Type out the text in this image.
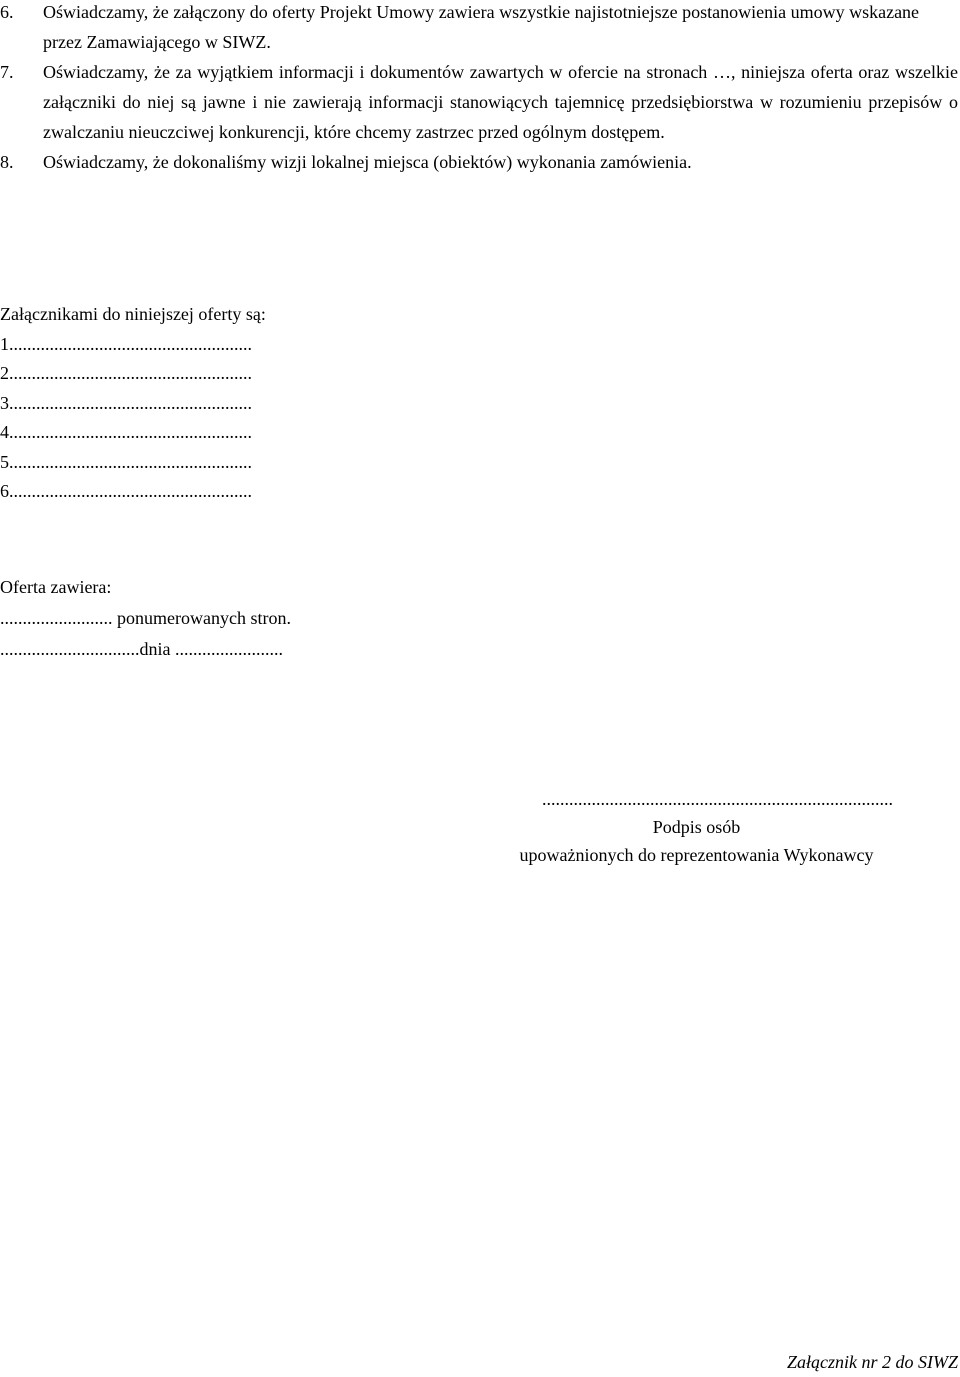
6.	Oświadczamy, że załączony do oferty Projekt Umowy zawiera wszystkie najistotniejsze postanowienia umowy wskazane przez Zamawiającego w SIWZ.
7.	Oświadczamy, że za wyjątkiem informacji i dokumentów zawartych w ofercie na stronach …, niniejsza oferta oraz wszelkie załączniki do niej są jawne i nie zawierają informacji stanowiących tajemnicę przedsiębiorstwa w rozumieniu przepisów o zwalczaniu nieuczciwej konkurencji, które chcemy zastrzec przed ogólnym dostępem.
8.	Oświadczamy, że dokonaliśmy wizji lokalnej miejsca (obiektów) wykonania zamówienia.
Załącznikami do niniejszej oferty są:
1......................................................
2......................................................
3......................................................
4......................................................
5......................................................
6......................................................
Oferta zawiera:
......................... ponumerowanych stron.
...............................dnia ........................
..............................................................................
Podpis osób
upoważnionych do reprezentowania Wykonawcy
Załącznik nr 2 do SIWZ
